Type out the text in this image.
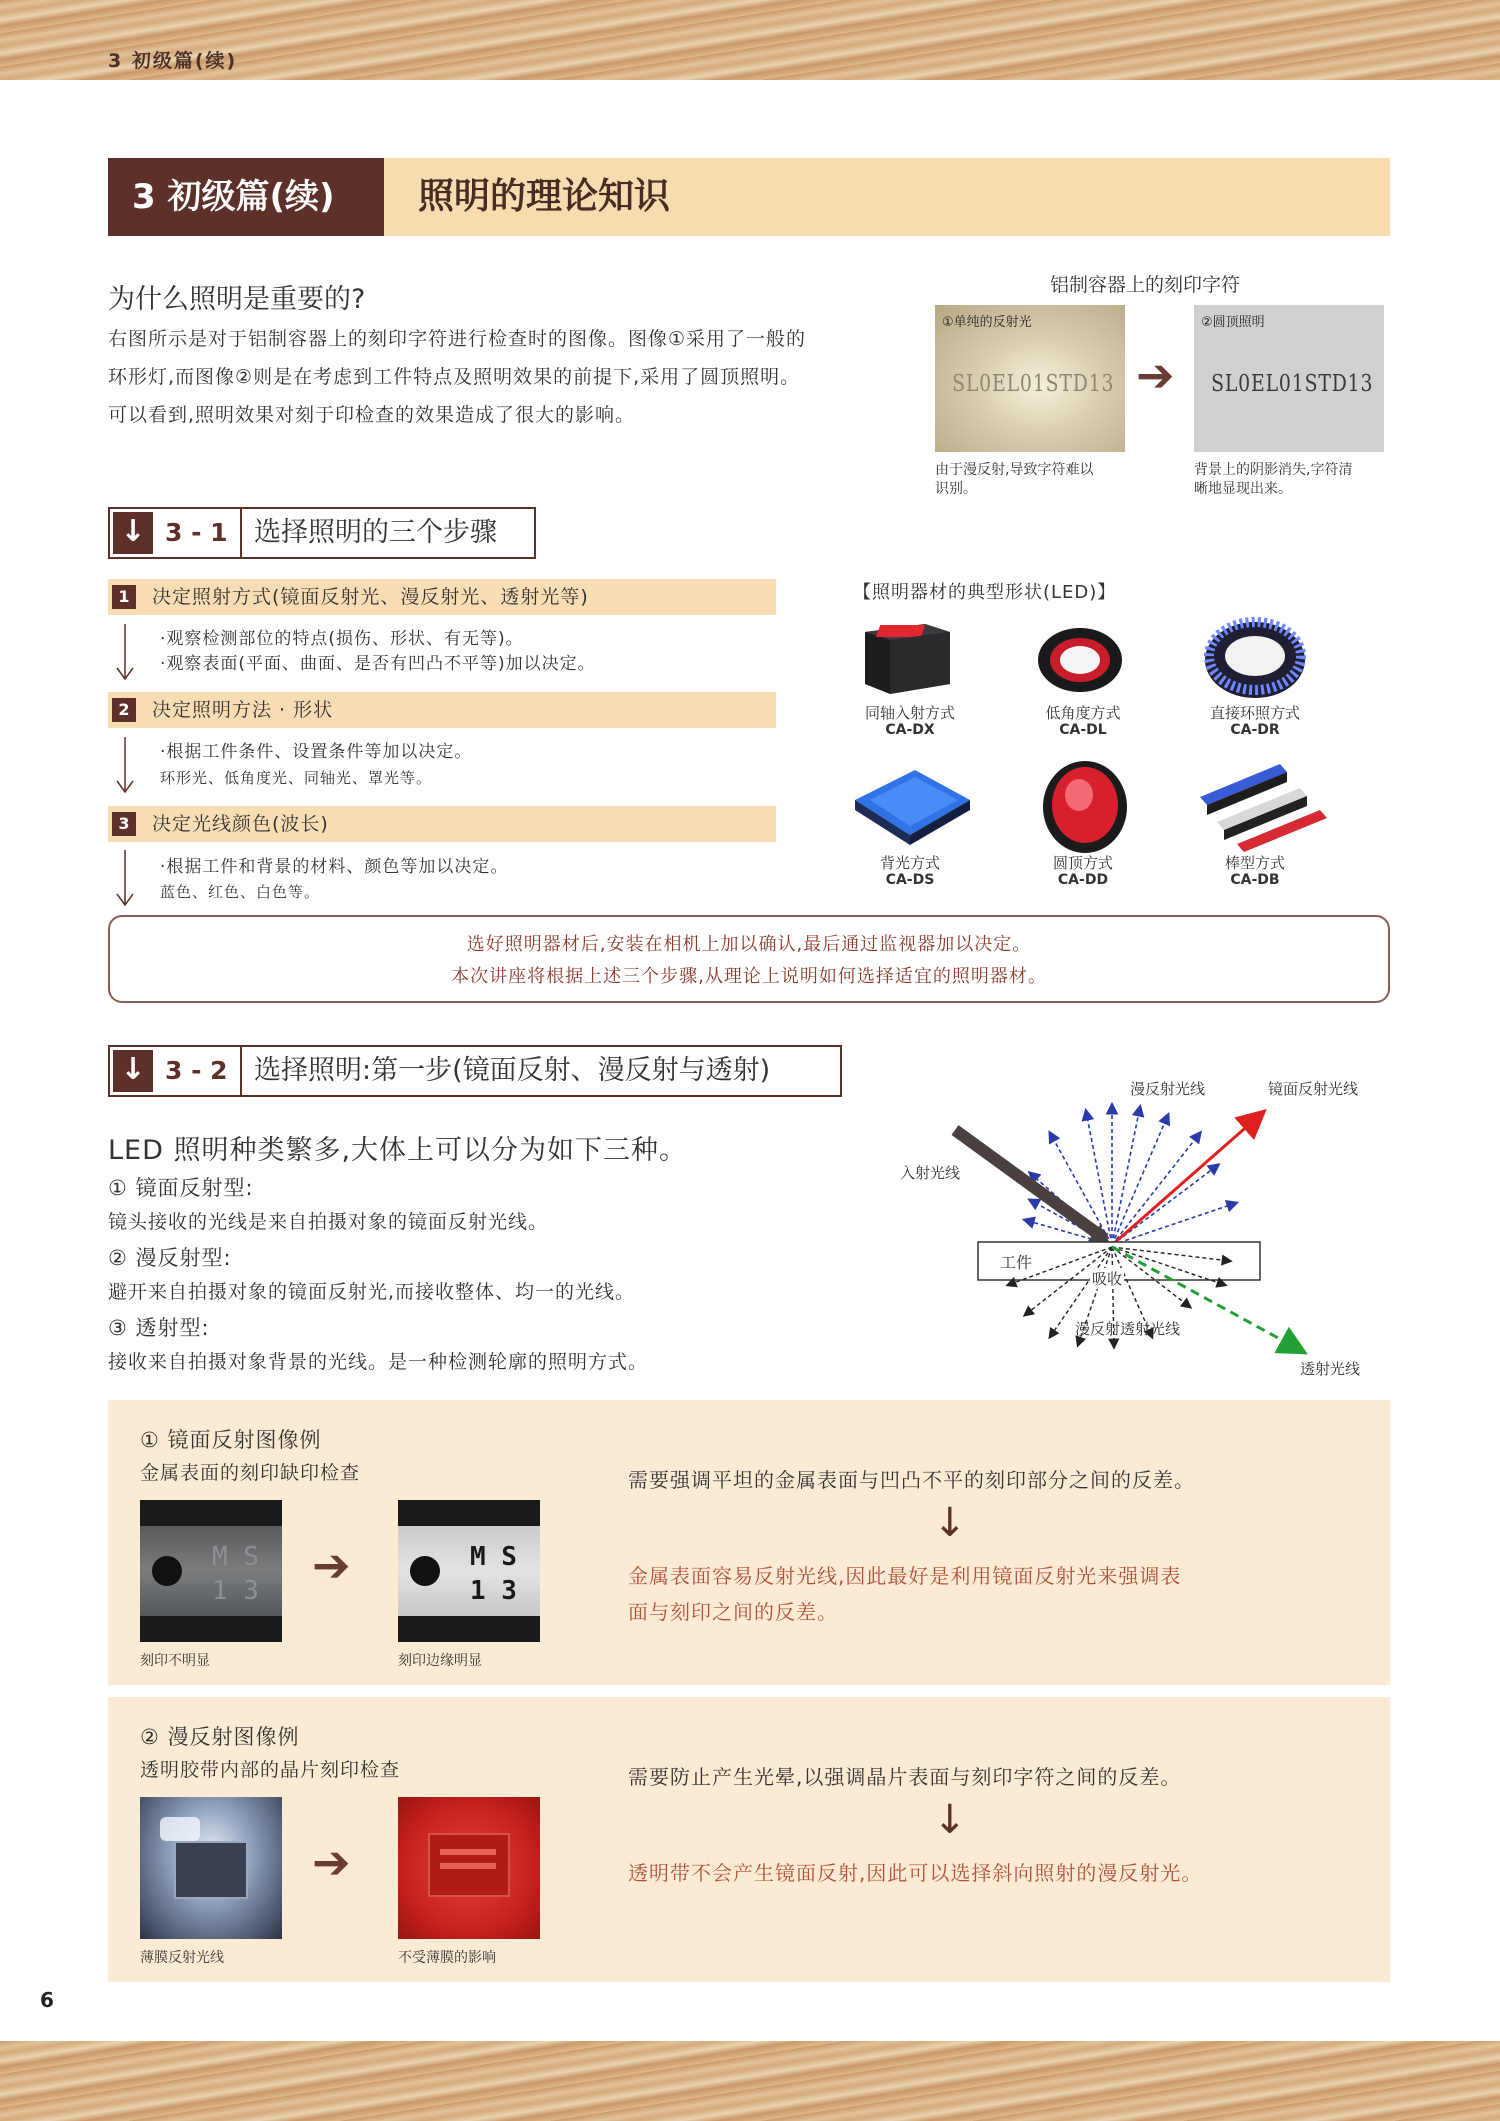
3 初级篇(续)
6
3 初级篇(续)	照明的理论知识
为什么照明是重要的?
右图所示是对于铝制容器上的刻印字符进行检查时的图像。图像①采用了一般的
环形灯,而图像②则是在考虑到工件特点及照明效果的前提下,采用了圆顶照明。
可以看到,照明效果对刻于印检查的效果造成了很大的影响。
铝制容器上的刻印字符
①单纯的反射光
SL0EL01STD13 ➔
②圆顶照明
SL0EL01STD13
由于漫反射,导致字符难以
识别。
背景上的阴影消失,字符清
晰地显现出来。
↓ 3 - 1 选择照明的三个步骤
1	决定照射方式(镜面反射光、漫反射光、透射光等)
·观察检测部位的特点(损伤、形状、有无等)。
·观察表面(平面、曲面、是否有凹凸不平等)加以决定。
2	决定照明方法 · 形状
·根据工件条件、设置条件等加以决定。
环形光、低角度光、同轴光、罩光等。
3	决定光线颜色(波长)
·根据工件和背景的材料、颜色等加以决定。
蓝色、红色、白色等。
【照明器材的典型形状(LED)】
同轴入射方式
CA-DX
低角度方式
CA-DL
直接环照方式
CA-DR
背光方式
CA-DS
圆顶方式
CA-DD
棒型方式
CA-DB
选好照明器材后,安装在相机上加以确认,最后通过监视器加以决定。
本次讲座将根据上述三个步骤,从理论上说明如何选择适宜的照明器材。
↓ 3 - 2 选择照明:第一步(镜面反射、漫反射与透射)
LED 照明种类繁多,大体上可以分为如下三种。
① 镜面反射型:
镜头接收的光线是来自拍摄对象的镜面反射光线。
② 漫反射型:
避开来自拍摄对象的镜面反射光,而接收整体、均一的光线。
③ 透射型:
接收来自拍摄对象背景的光线。是一种检测轮廓的照明方式。
漫反射光线	镜面反射光线
入射光线
工件
吸收
漫反射透射光线
透射光线
① 镜面反射图像例
金属表面的刻印缺印检查
M S
1 3 ➔	M S
1 3
刻印不明显	刻印边缘明显
需要强调平坦的金属表面与凹凸不平的刻印部分之间的反差。
↓
金属表面容易反射光线,因此最好是利用镜面反射光来强调表
面与刻印之间的反差。
② 漫反射图像例
透明胶带内部的晶片刻印检查
➔
薄膜反射光线	不受薄膜的影响
需要防止产生光晕,以强调晶片表面与刻印字符之间的反差。
↓
透明带不会产生镜面反射,因此可以选择斜向照射的漫反射光。
